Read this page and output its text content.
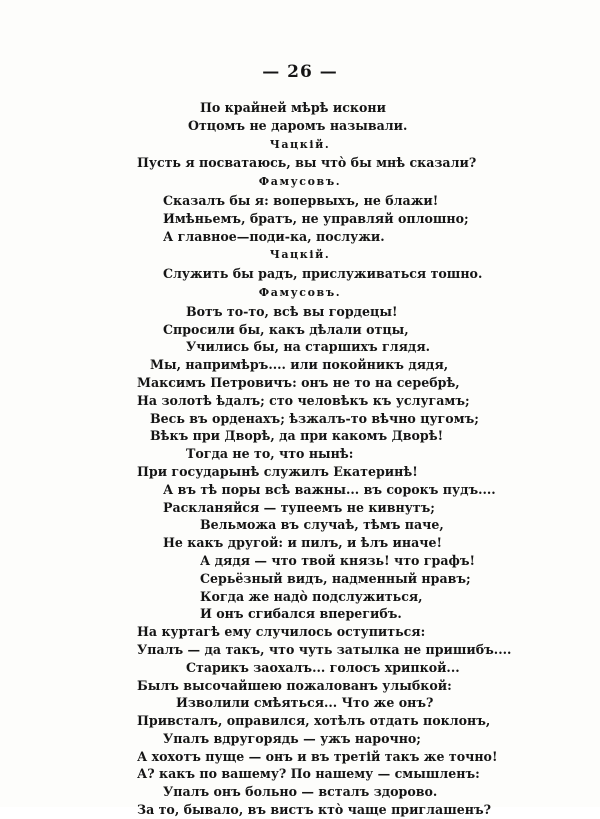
— 26 —
По крайней мѣрѣ искони
Отцомъ не даромъ называли.
Чацкій.
Пусть я посватаюсь, вы чтò бы мнѣ сказали?
Фамусовъ.
Сказалъ бы я: вопервыхъ, не блажи!
Имѣньемъ, братъ, не управляй оплошно;
А главное—поди-ка, послужи.
Чацкій.
Служить бы радъ, прислуживаться тошно.
Фамусовъ.
Вотъ то-то, всѣ вы гордецы!
Спросили бы, какъ дѣлали отцы,
Учились бы, на старшихъ глядя.
Мы, напримѣръ.... или покойникъ дядя,
Максимъ Петровичъ: онъ не то на серебрѣ,
На золотѣ ѣдалъ; сто человѣкъ къ услугамъ;
Весь въ орденахъ; ѣзжалъ-то вѣчно цугомъ;
Вѣкъ при Дворѣ, да при какомъ Дворѣ!
Тогда не то, что нынѣ:
При государынѣ служилъ Екатеринѣ!
А въ тѣ поры всѣ важны... въ сорокъ пудъ....
Раскланяйся — тупеемъ не кивнутъ;
Вельможа въ случаѣ, тѣмъ паче,
Не какъ другой: и пилъ, и ѣлъ иначе!
А дядя — что твой князь! что графъ!
Серьёзный видъ, надменный нравъ;
Когда же надò подслужиться,
И онъ сгибался вперегибъ.
На куртагѣ ему случилось оступиться:
Упалъ — да такъ, что чуть затылка не пришибъ....
Старикъ заохалъ... голосъ хрипкой...
Былъ высочайшею пожалованъ улыбкой:
Изволили смѣяться... Что же онъ?
Привсталъ, оправился, хотѣлъ отдать поклонъ,
Упалъ вдругорядь — ужъ нарочно;
А хохотъ пуще — онъ и въ третій такъ же точно!
А? какъ по вашему? По нашему — смышленъ:
Упалъ онъ больно — всталъ здорово.
За то, бывало, въ вистъ ктò чаще приглашенъ?
